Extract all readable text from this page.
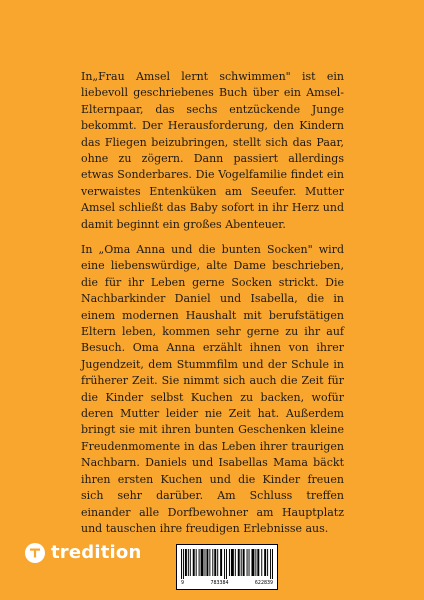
In„Frau Amsel lernt schwimmen" ist ein liebevoll geschriebenes Buch über ein Amsel-Elternpaar, das sechs entzückende Junge bekommt. Der Herausforderung, den Kindern das Fliegen beizubringen, stellt sich das Paar, ohne zu zögern. Dann passiert allerdings etwas Sonderbares. Die Vogelfamilie findet ein verwaistes Entenküken am Seeufer. Mutter Amsel schließt das Baby sofort in ihr Herz und damit beginnt ein großes Abenteuer.

In „Oma Anna und die bunten Socken" wird eine liebenswürdige, alte Dame beschrieben, die für ihr Leben gerne Socken strickt. Die Nachbarkinder Daniel und Isabella, die in einem modernen Haushalt mit berufstätigen Eltern leben, kommen sehr gerne zu ihr auf Besuch. Oma Anna erzählt ihnen von ihrer Jugendzeit, dem Stummfilm und der Schule in früherer Zeit. Sie nimmt sich auch die Zeit für die Kinder selbst Kuchen zu backen, wofür deren Mutter leider nie Zeit hat. Außerdem bringt sie mit ihren bunten Geschenken kleine Freudenmomente in das Leben ihrer traurigen Nachbarn. Daniels und Isabellas Mama bäckt ihren ersten Kuchen und die Kinder freuen sich sehr darüber. Am Schluss treffen einander alle Dorfbewohner am Hauptplatz und tauschen ihre freudigen Erlebnisse aus.

tredition
9	783384	622839
